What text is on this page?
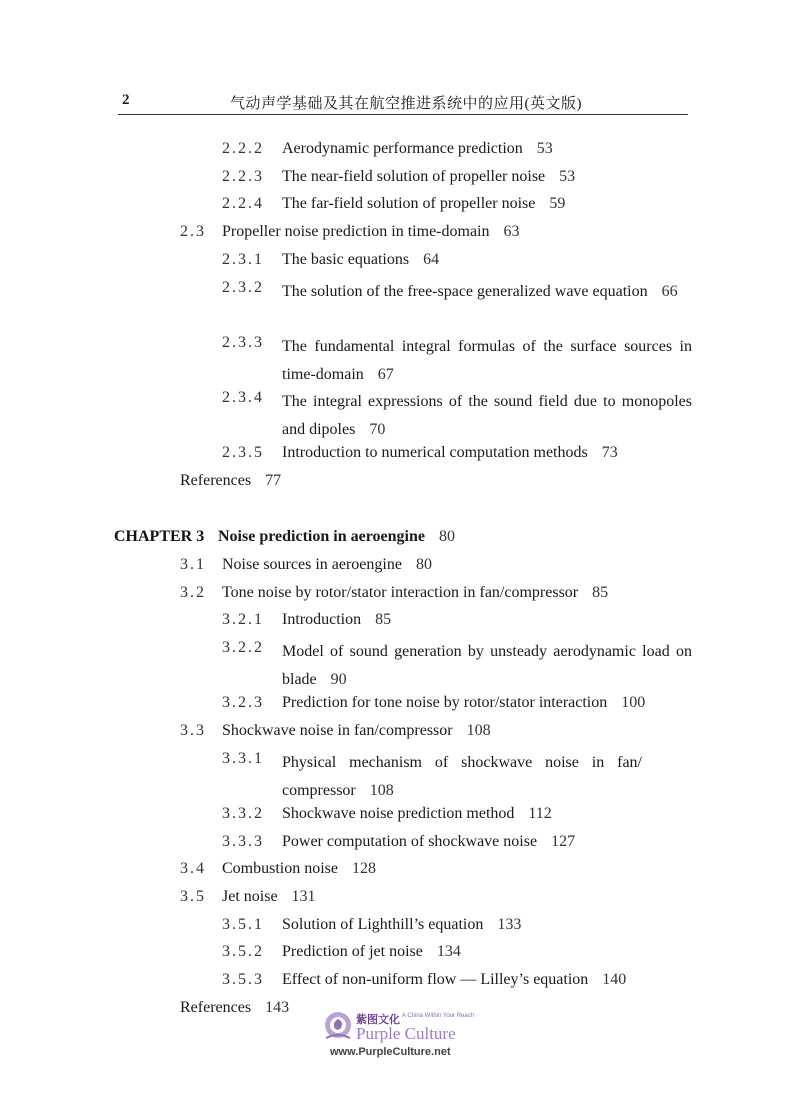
2	气动声学基础及其在航空推进系统中的应用(英文版)
2.2.2 Aerodynamic performance prediction 53
2.2.3 The near-field solution of propeller noise 53
2.2.4 The far-field solution of propeller noise 59
2.3 Propeller noise prediction in time-domain 63
2.3.1 The basic equations 64
2.3.2 The solution of the free-space generalized wave equation 66
2.3.3 The fundamental integral formulas of the surface sources in time-domain 67
2.3.4 The integral expressions of the sound field due to monopoles and dipoles 70
2.3.5 Introduction to numerical computation methods 73
References 77
CHAPTER 3 Noise prediction in aeroengine 80
3.1 Noise sources in aeroengine 80
3.2 Tone noise by rotor/stator interaction in fan/compressor 85
3.2.1 Introduction 85
3.2.2 Model of sound generation by unsteady aerodynamic load on blade 90
3.2.3 Prediction for tone noise by rotor/stator interaction 100
3.3 Shockwave noise in fan/compressor 108
3.3.1 Physical mechanism of shockwave noise in fan/ compressor 108
3.3.2 Shockwave noise prediction method 112
3.3.3 Power computation of shockwave noise 127
3.4 Combustion noise 128
3.5 Jet noise 131
3.5.1 Solution of Lighthill’s equation 133
3.5.2 Prediction of jet noise 134
3.5.3 Effect of non-uniform flow — Lilley’s equation 140
References 143
紫图文化 A China Within Your Reach
Purple Culture
www.PurpleCulture.net
